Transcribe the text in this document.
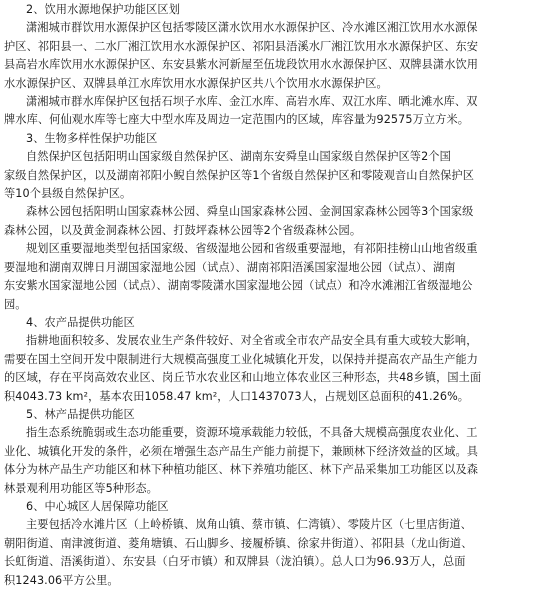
2、饮用水源地保护功能区区划
潇湘城市群饮用水源保护区包括零陵区潇水饮用水水源保护区、冷水滩区湘江饮用水水源保
护区、祁阳县一、二水厂湘江饮用水水源保护区、祁阳县浯溪水厂湘江饮用水水源保护区、东安
县高岩水库饮用水水源保护区、东安县紫水河新屋至伍垅段饮用水水源保护区、双牌县潇水饮用
水水源保护区、双牌县单江水库饮用水水源保护区共八个饮用水水源保护区。
潇湘城市群水库保护区包括石坝子水库、金江水库、高岩水库、双江水库、晒北滩水库、双
牌水库、何仙观水库等七座大中型水库及周边一定范围内的区域，库容量为92575万立方米。
3、生物多样性保护功能区
自然保护区包括阳明山国家级自然保护区、湖南东安舜皇山国家级自然保护区等2个国
家级自然保护区，以及湖南祁阳小鲵自然保护区等1个省级自然保护区和零陵观音山自然保护区
等10个县级自然保护区。
森林公园包括阳明山国家森林公园、舜皇山国家森林公园、金洞国家森林公园等3个国家级
森林公园，以及黄金洞森林公园、打鼓坪森林公园等2个省级森林公园。
规划区重要湿地类型包括国家级、省级湿地公园和省级重要湿地，有祁阳挂榜山山地省级重
要湿地和湖南双牌日月湖国家湿地公园（试点）、湖南祁阳浯溪国家湿地公园（试点）、湖南
东安紫水国家湿地公园（试点）、湖南零陵潇水国家湿地公园（试点）和冷水滩湘江省级湿地公
园。
4、农产品提供功能区
指耕地面积较多、发展农业生产条件较好、对全省或全市农产品安全具有重大或较大影响，
需要在国土空间开发中限制进行大规模高强度工业化城镇化开发，以保持并提高农产品生产能力
的区域，存在平岗高效农业区、岗丘节水农业区和山地立体农业区三种形态，共48乡镇，国土面
积4043.73 km²，基本农田1058.47 km²，人口1437073人，占规划区总面积的41.26%。
5、林产品提供功能区
指生态系统脆弱或生态功能重要，资源环境承载能力较低，不具备大规模高强度农业化、工
业化、城镇化开发的条件，必须在增强生态产品生产能力前提下，兼顾林下经济效益的区域。具
体分为林产品生产功能区和林下种植功能区、林下养殖功能区、林下产品采集加工功能区以及森
林景观利用功能区等5种形态。
6、中心城区人居保障功能区
主要包括冷水滩片区（上岭桥镇、岚角山镇、蔡市镇、仁湾镇）、零陵片区（七里店街道、
朝阳街道、南津渡街道、菱角塘镇、石山脚乡、接履桥镇、徐家井街道）、祁阳县（龙山街道、
长虹街道、浯溪街道）、东安县（白牙市镇）和双牌县（泷泊镇）。总人口为96.93万人，总面
积1243.06平方公里。
